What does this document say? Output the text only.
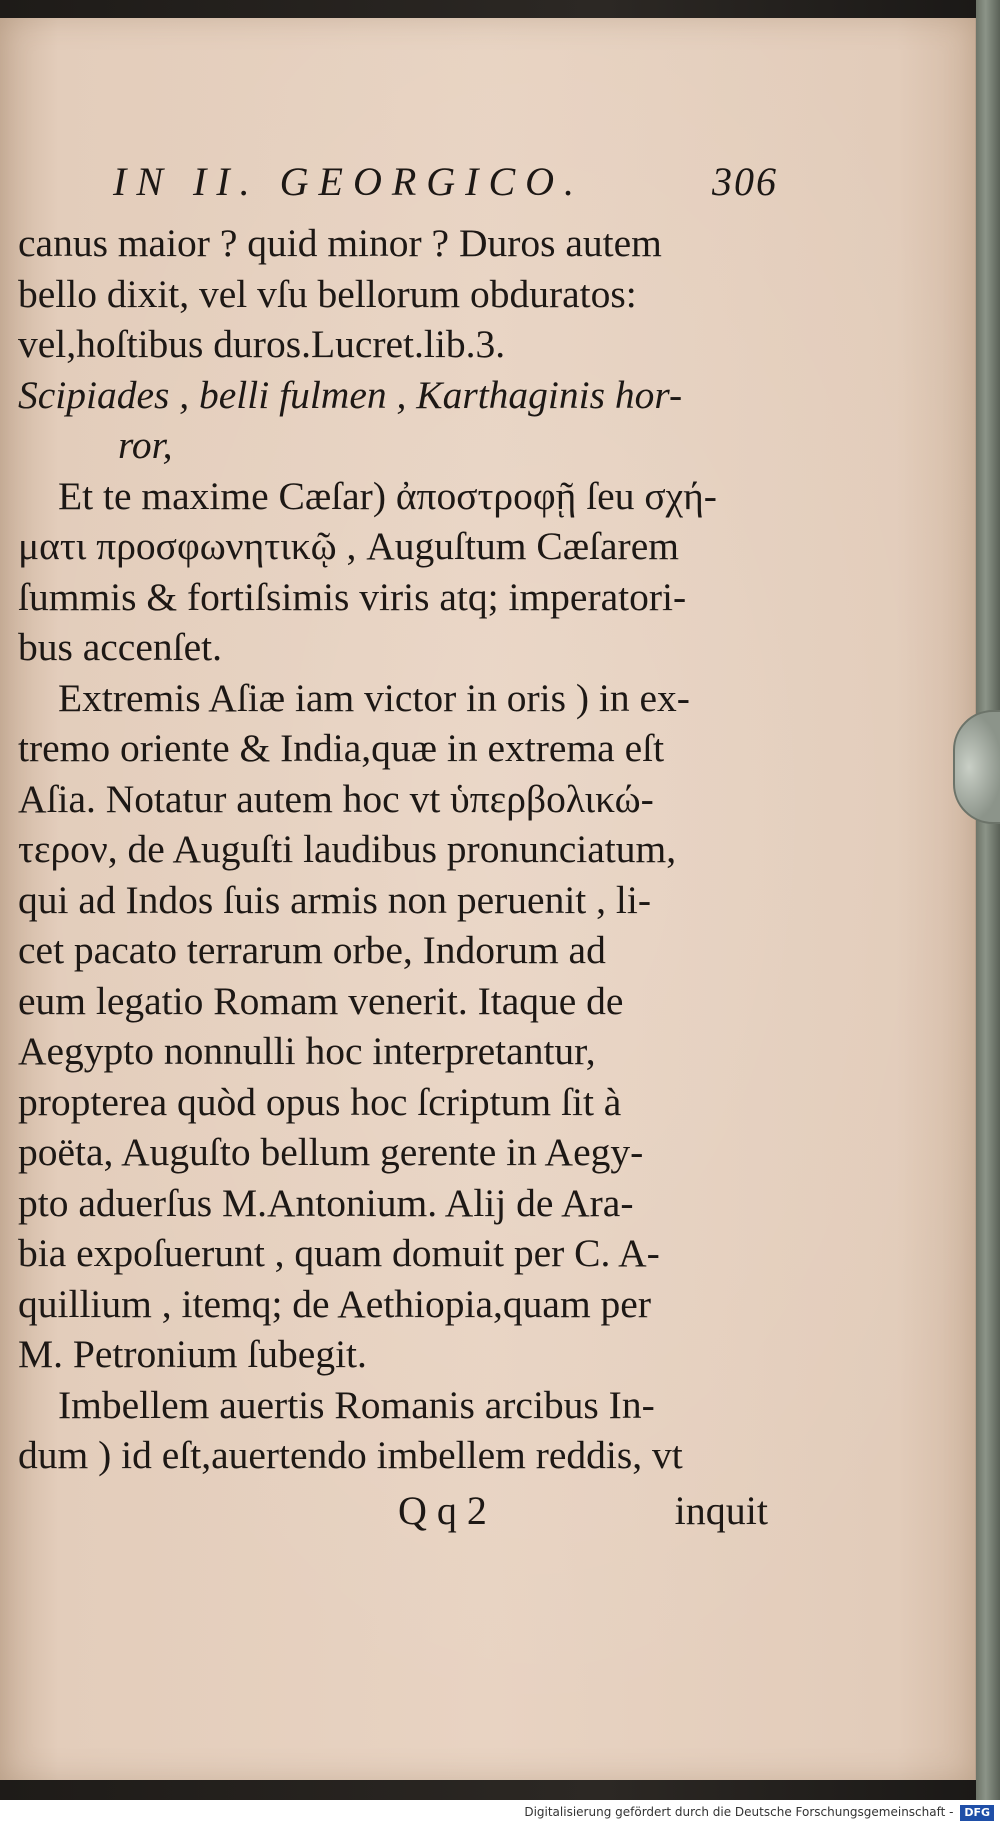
IN II. GEORGICO.	306
canus maior ? quid minor ? Duros autem
bello dixit, vel vſu bellorum obduratos:
vel,hoſtibus duros.Lucret.lib.3.
Scipiades , belli fulmen , Karthaginis hor-
ror,
Et te maxime Cæſar) ἀποστροφῇ ſeu σχή-
ματι προσφωνητικῷ , Auguſtum Cæſarem
ſummis & fortiſsimis viris atq; imperatori-
bus accenſet.
Extremis Aſiæ iam victor in oris ) in ex-
tremo oriente & India,quæ in extrema eſt
Aſia. Notatur autem hoc vt ὑπερβολικώ-
τερον, de Auguſti laudibus pronunciatum,
qui ad Indos ſuis armis non peruenit , li-
cet pacato terrarum orbe, Indorum ad
eum legatio Romam venerit. Itaque de
Aegypto nonnulli hoc interpretantur,
propterea quòd opus hoc ſcriptum ſit à
poëta, Auguſto bellum gerente in Aegy-
pto aduerſus M.Antonium. Alij de Ara-
bia expoſuerunt , quam domuit per C. A-
quillium , itemq; de Aethiopia,quam per
M. Petronium ſubegit.
Imbellem auertis Romanis arcibus In-
dum ) id eſt,auertendo imbellem reddis, vt
Q q 2	inquit
Digitalisierung gefördert durch die Deutsche Forschungsgemeinschaft - DFG
